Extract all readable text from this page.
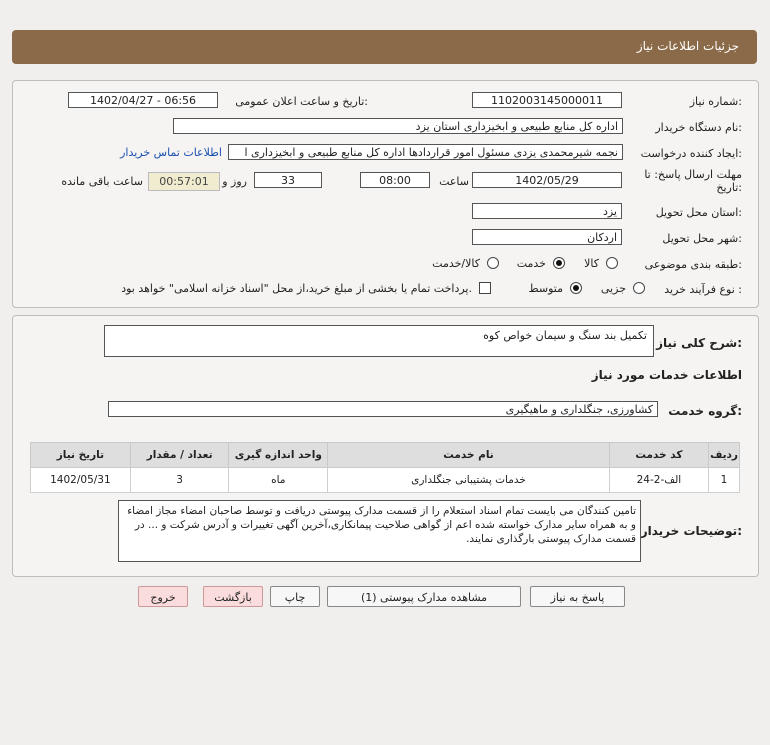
جزئیات اطلاعات نیاز
شماره نیاز:
1102003145000011
تاریخ و ساعت اعلان عمومی:
1402/04/27 - 06:56
نام دستگاه خریدار:
اداره کل منابع طبیعی و ابخیزداری استان یزد
ایجاد کننده درخواست:
نجمه شیرمحمدی یزدی مسئول امور قراردادها اداره کل منابع طبیعی و ابخیزداری ا
اطلاعات تماس خریدار
مهلت ارسال پاسخ: تا
تاریخ:
1402/05/29
ساعت
08:00
33
روز و
00:57:01
ساعت باقی مانده
استان محل تحویل:
یزد
شهر محل تحویل:
اردکان
طبقه بندی موضوعی:
کالا
خدمت
کالا/خدمت
نوع فرآیند خرید :
جزیی
متوسط
پرداخت تمام یا بخشی از مبلغ خرید،از محل "اسناد خزانه اسلامی" خواهد بود.
شرح کلی نیاز:
تکمیل بند سنگ و سیمان خواص کوه
اطلاعات خدمات مورد نیاز
گروه خدمت:
کشاورزی، جنگلداری و ماهیگیری
ردیف	کد خدمت	نام خدمت	واحد اندازه گیری	تعداد / مقدار	تاریخ نیاز
1	الف-2-24	خدمات پشتیبانی جنگلداری	ماه	3	1402/05/31
توضیحات خریدار:
تامین کنندگان می بایست تمام اسناد استعلام را از قسمت مدارک پیوستی دریافت و توسط صاحبان امضاء مجاز امضاء و به همراه سایر مدارک خواسته شده اعم از گواهی صلاحیت پیمانکاری،آخرین آگهی تغییرات و آدرس شرکت و ... در قسمت مدارک پیوستی بارگذاری نمایند.
پاسخ به نیاز
مشاهده مدارک پیوستی (1)
چاپ
بازگشت
خروج
